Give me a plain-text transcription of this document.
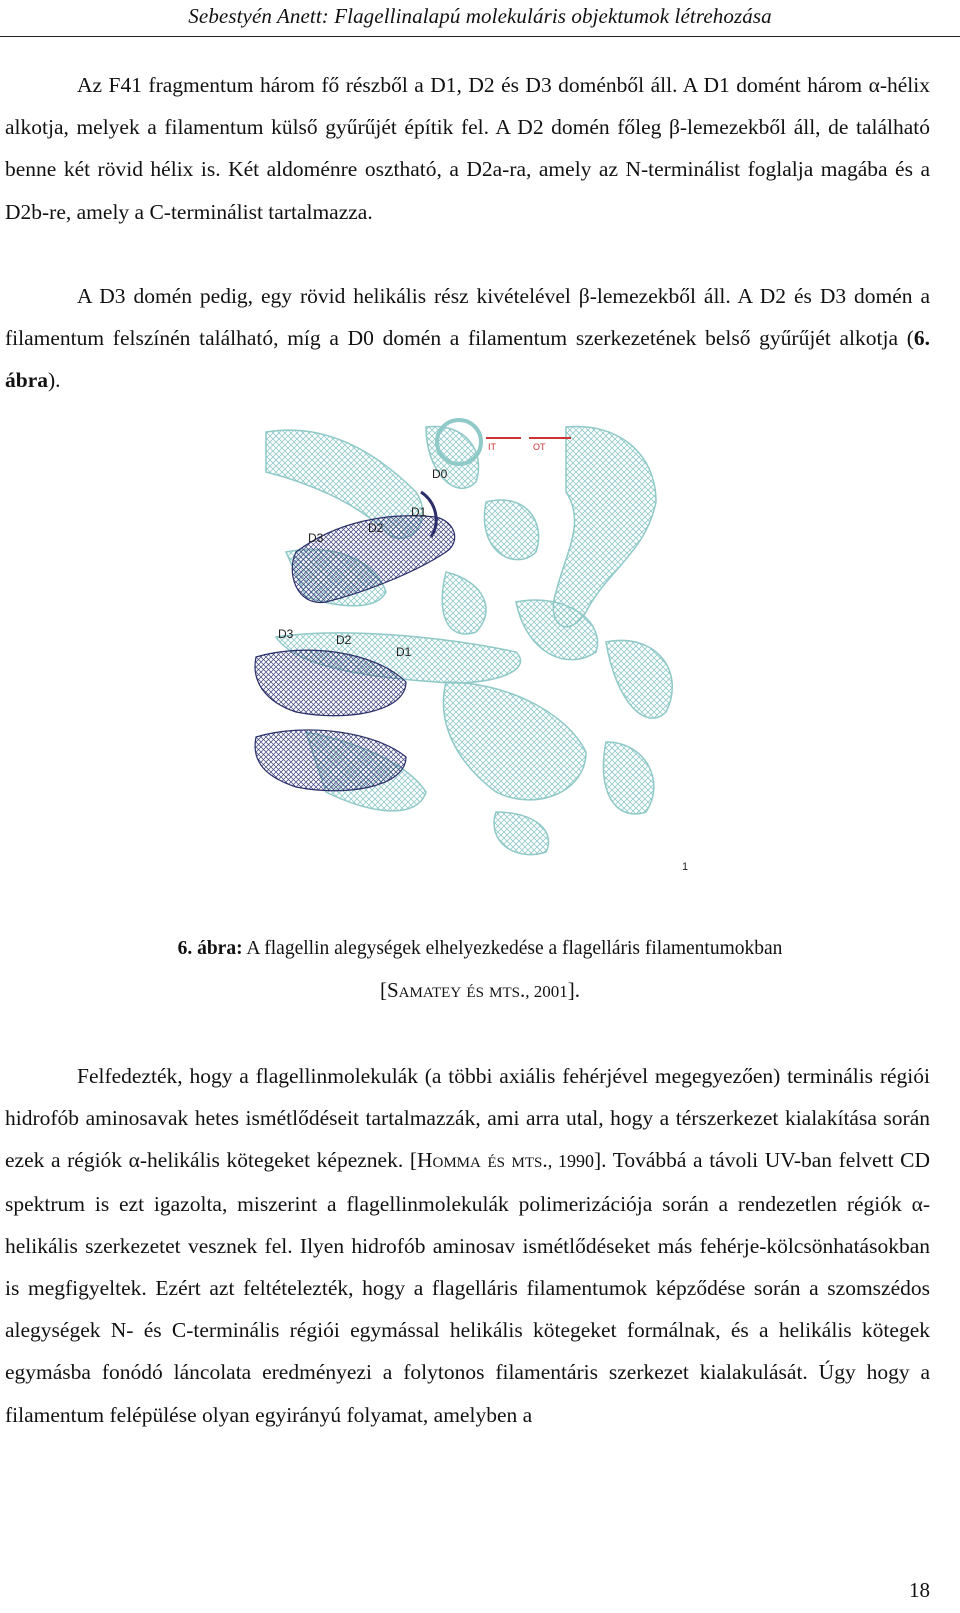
Sebestyén Anett: Flagellinalapú molekuláris objektumok létrehozása
Az F41 fragmentum három fő részből a D1, D2 és D3 doménből áll. A D1 domént három α-hélix alkotja, melyek a filamentum külső gyűrűjét építik fel. A D2 domén főleg β-lemezekből áll, de található benne két rövid hélix is. Két aldoménre osztható, a D2a-ra, amely az N-terminálist foglalja magába és a D2b-re, amely a C-terminálist tartalmazza.
A D3 domén pedig, egy rövid helikális rész kivételével β-lemezekből áll. A D2 és D3 domén a filamentum felszínén található, míg a D0 domén a filamentum szerkezetének belső gyűrűjét alkotja (6. ábra).
IT	OT
D0
D1
D2
D3
D3	D2
D1
1
6. ábra: A flagellin alegységek elhelyezkedése a flagelláris filamentumokban
[Samatey és mts., 2001].
Felfedezték, hogy a flagellinmolekulák (a többi axiális fehérjével megegyezően) terminális régiói hidrofób aminosavak hetes ismétlődéseit tartalmazzák, ami arra utal, hogy a térszerkezet kialakítása során ezek a régiók α-helikális kötegeket képeznek. [Homma és mts., 1990]. Továbbá a távoli UV-ban felvett CD spektrum is ezt igazolta, miszerint a flagellinmolekulák polimerizációja során a rendezetlen régiók α-helikális szerkezetet vesznek fel. Ilyen hidrofób aminosav ismétlődéseket más fehérje-kölcsönhatásokban is megfigyeltek. Ezért azt feltételezték, hogy a flagelláris filamentumok képződése során a szomszédos alegységek N- és C-terminális régiói egymással helikális kötegeket formálnak, és a helikális kötegek egymásba fonódó láncolata eredményezi a folytonos filamentáris szerkezet kialakulását. Úgy hogy a filamentum felépülése olyan egyirányú folyamat, amelyben a
18
